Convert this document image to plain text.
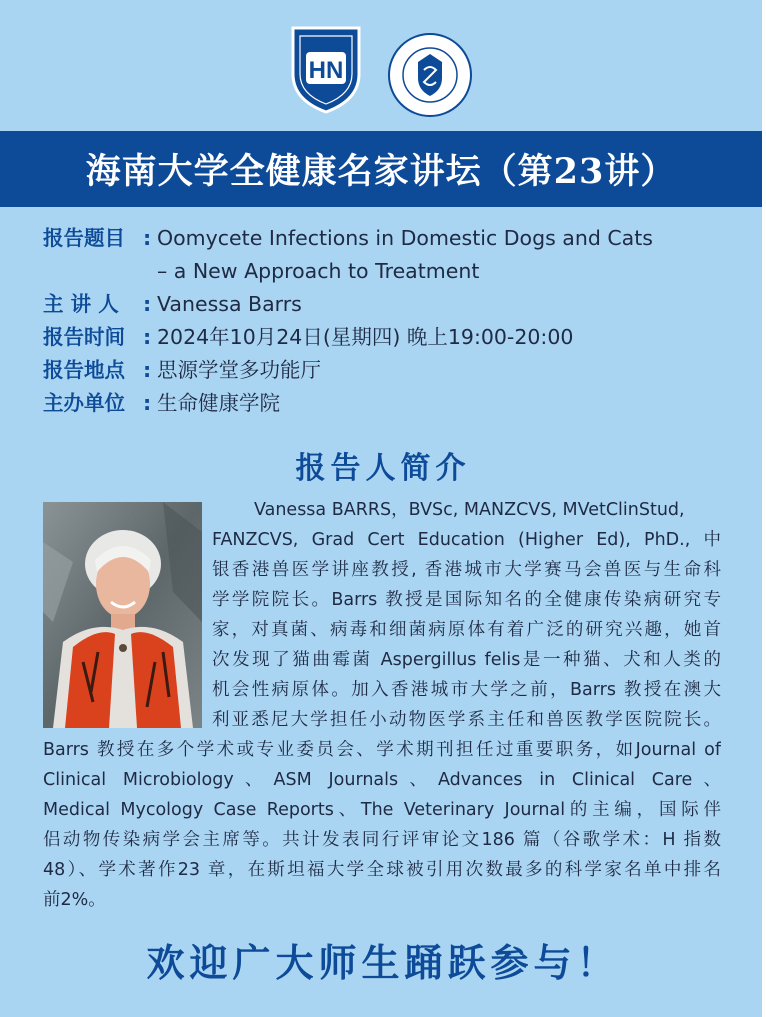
HN
海南大学全健康名家讲坛（第23讲）
报告题目 : Oomycete Infections in Domestic Dogs and Cats
– a New Approach to Treatment
主 讲 人	: Vanessa Barrs
报告时间 : 2024年10月24日(星期四) 晚上19:00-20:00
报告地点 : 思源学堂多功能厅
主办单位 : 生命健康学院
报告人简介
Vanessa BARRS，BVSc, MANZCVS, MVetClinStud,
FANZCVS, Grad Cert Education (Higher Ed), PhD., 中
银香港兽医学讲座教授, 香港城市大学赛马会兽医与生命科
学学院院长。Barrs 教授是国际知名的全健康传染病研究专
家，对真菌、病毒和细菌病原体有着广泛的研究兴趣，她首
次发现了猫曲霉菌 Aspergillus felis是一种猫、犬和人类的
机会性病原体。加入香港城市大学之前，Barrs 教授在澳大
利亚悉尼大学担任小动物医学系主任和兽医教学医院院长。
Barrs 教授在多个学术或专业委员会、学术期刊担任过重要职务，如Journal of
Clinical Microbiology、ASM Journals、Advances in Clinical Care、
Medical Mycology Case Reports、The Veterinary Journal的主编，国际伴
侣动物传染病学会主席等。共计发表同行评审论文186 篇（谷歌学术：H 指数
48）、学术著作23 章，在斯坦福大学全球被引用次数最多的科学家名单中排名
前2%。
欢迎广大师生踊跃参与！
